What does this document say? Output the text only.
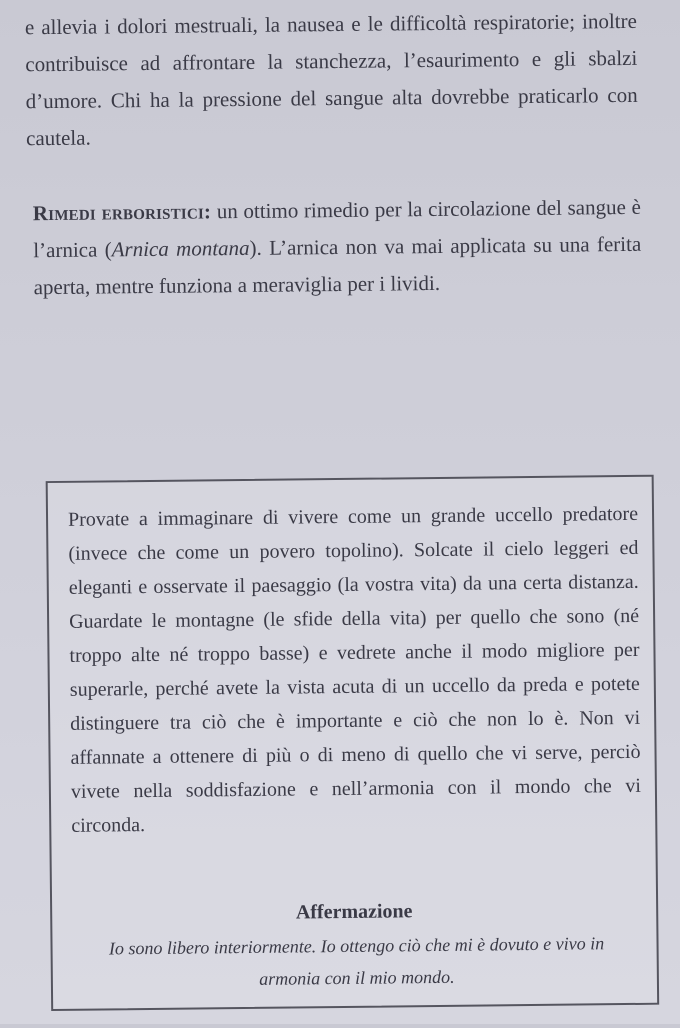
e allevia i dolori mestruali, la nausea e le difficoltà respiratorie; inoltre contribuisce ad affrontare la stanchezza, l’esaurimento e gli sbalzi d’umore. Chi ha la pressione del sangue alta dovrebbe praticarlo con cautela.

Rimedi erboristici: un ottimo rimedio per la circolazione del sangue è l’arnica (Arnica montana). L’arnica non va mai applicata su una ferita aperta, mentre funziona a meraviglia per i lividi.

Provate a immaginare di vivere come un grande uccello predatore (invece che come un povero topolino). Solcate il cielo leggeri ed eleganti e osservate il paesaggio (la vostra vita) da una certa distanza. Guardate le montagne (le sfide della vita) per quello che sono (né troppo alte né troppo basse) e vedrete anche il modo migliore per superarle, perché avete la vista acuta di un uccello da preda e potete distinguere tra ciò che è importante e ciò che non lo è. Non vi affannate a ottenere di più o di meno di quello che vi serve, perciò vivete nella soddisfazione e nell’armonia con il mondo che vi circonda.

Affermazione

Io sono libero interiormente. Io ottengo ciò che mi è dovuto e vivo in armonia con il mio mondo.
